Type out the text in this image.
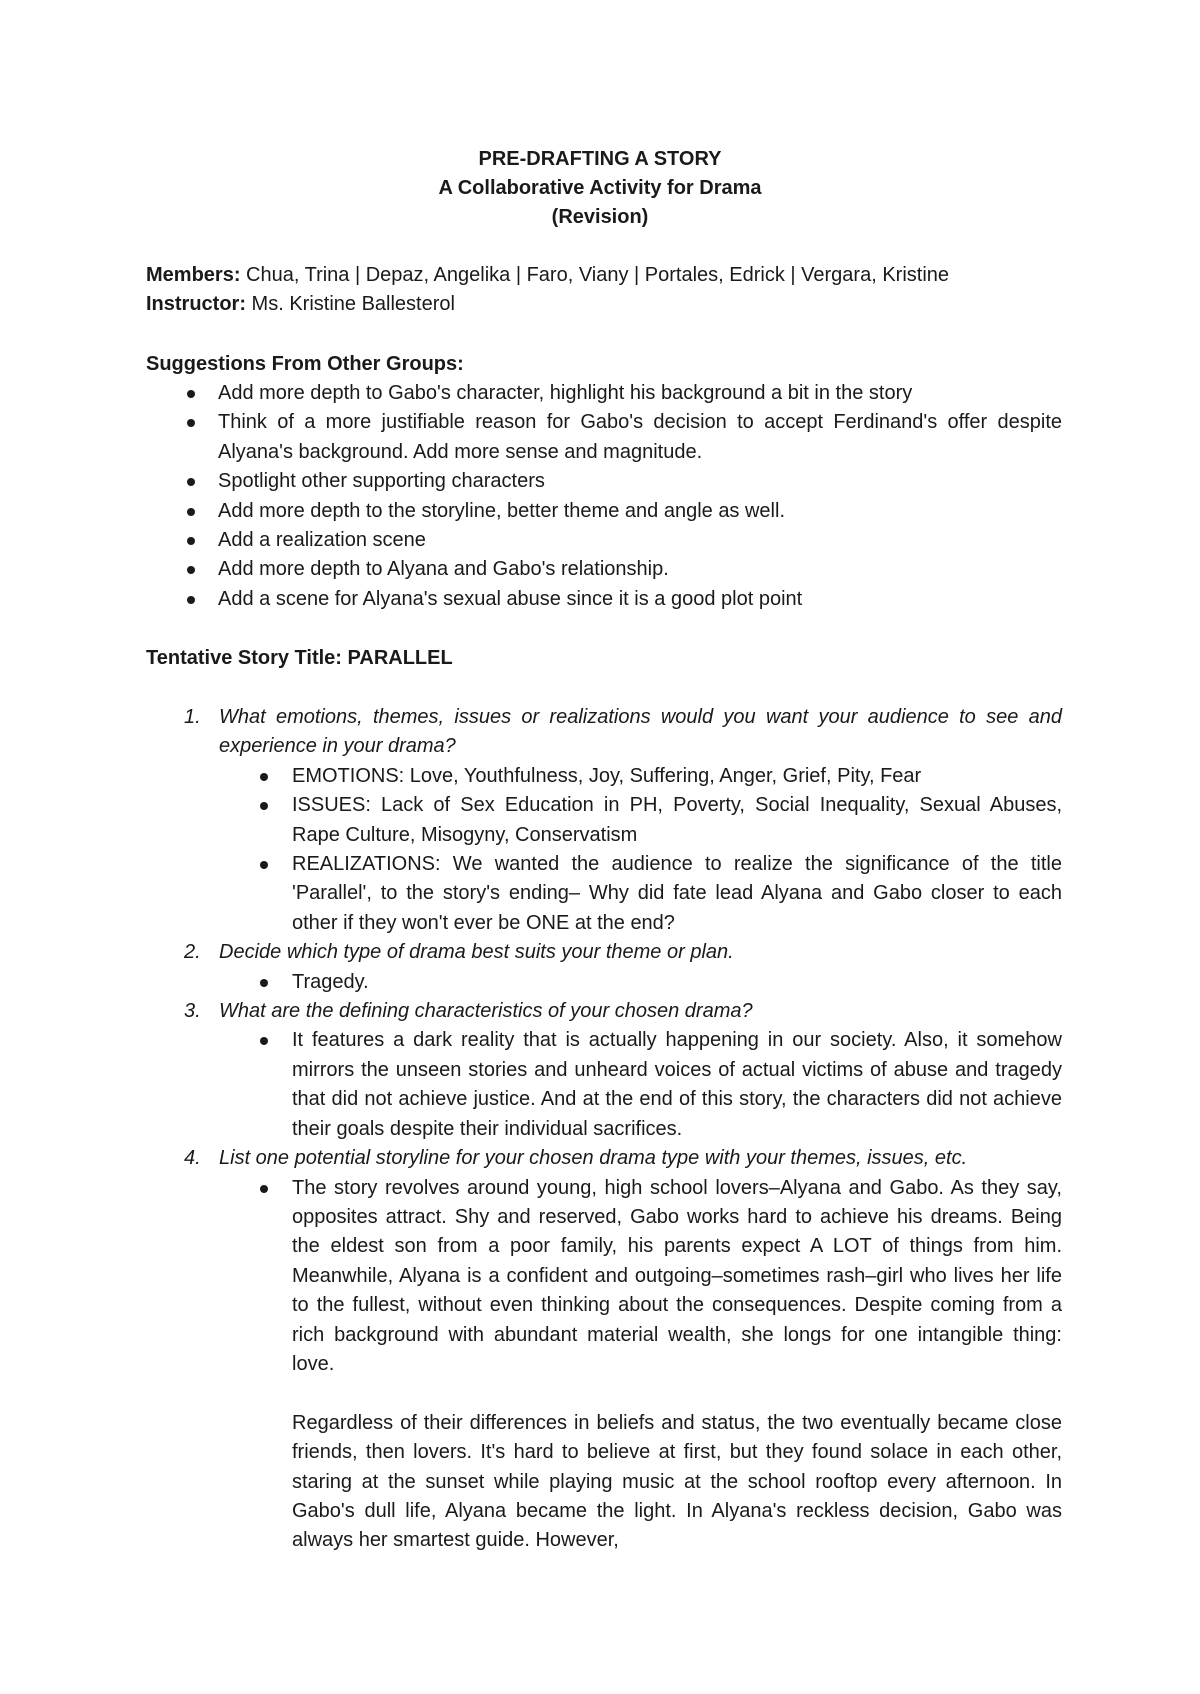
PRE-DRAFTING A STORY
A Collaborative Activity for Drama
(Revision)
Members: Chua, Trina | Depaz, Angelika | Faro, Viany | Portales, Edrick | Vergara, Kristine
Instructor: Ms. Kristine Ballesterol
Suggestions From Other Groups:
Add more depth to Gabo's character, highlight his background a bit in the story
Think of a more justifiable reason for Gabo's decision to accept Ferdinand's offer despite Alyana's background. Add more sense and magnitude.
Spotlight other supporting characters
Add more depth to the storyline, better theme and angle as well.
Add a realization scene
Add more depth to Alyana and Gabo's relationship.
Add a scene for Alyana's sexual abuse since it is a good plot point
Tentative Story Title: PARALLEL
1. What emotions, themes, issues or realizations would you want your audience to see and experience in your drama?
EMOTIONS: Love, Youthfulness, Joy, Suffering, Anger, Grief, Pity, Fear
ISSUES: Lack of Sex Education in PH, Poverty, Social Inequality, Sexual Abuses, Rape Culture, Misogyny, Conservatism
REALIZATIONS: We wanted the audience to realize the significance of the title 'Parallel', to the story's ending– Why did fate lead Alyana and Gabo closer to each other if they won't ever be ONE at the end?
2. Decide which type of drama best suits your theme or plan.
Tragedy.
3. What are the defining characteristics of your chosen drama?
It features a dark reality that is actually happening in our society. Also, it somehow mirrors the unseen stories and unheard voices of actual victims of abuse and tragedy that did not achieve justice. And at the end of this story, the characters did not achieve their goals despite their individual sacrifices.
4. List one potential storyline for your chosen drama type with your themes, issues, etc.
The story revolves around young, high school lovers–Alyana and Gabo. As they say, opposites attract. Shy and reserved, Gabo works hard to achieve his dreams. Being the eldest son from a poor family, his parents expect A LOT of things from him. Meanwhile, Alyana is a confident and outgoing–sometimes rash–girl who lives her life to the fullest, without even thinking about the consequences. Despite coming from a rich background with abundant material wealth, she longs for one intangible thing: love.
Regardless of their differences in beliefs and status, the two eventually became close friends, then lovers. It's hard to believe at first, but they found solace in each other, staring at the sunset while playing music at the school rooftop every afternoon. In Gabo's dull life, Alyana became the light. In Alyana's reckless decision, Gabo was always her smartest guide. However,
